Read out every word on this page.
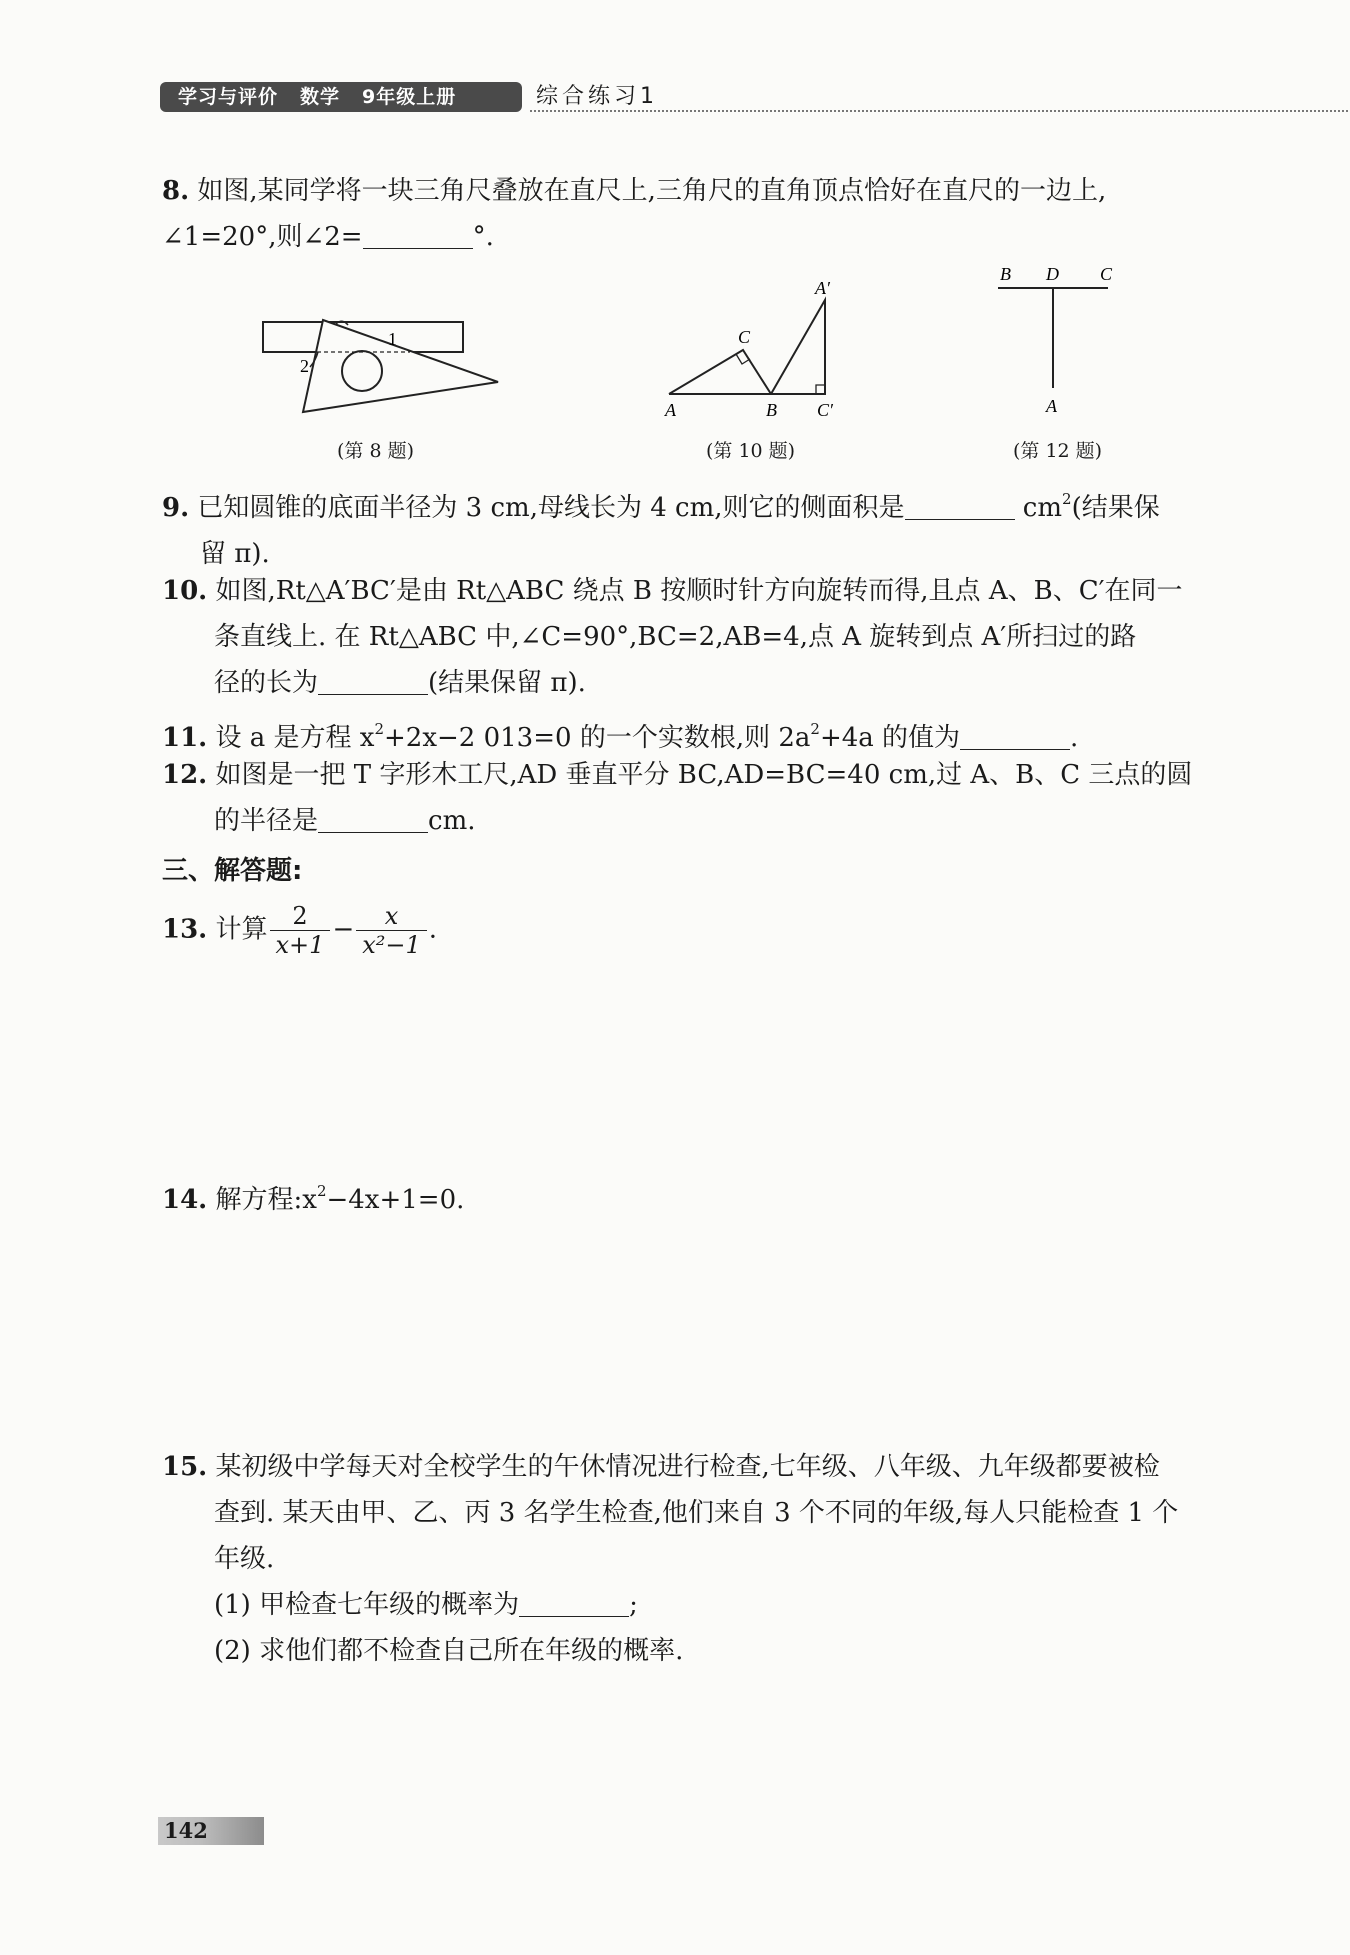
学习与评价 数学 9年级上册	综合练习1
8. 如图,某同学将一块三角尺叠放在直尺上,三角尺的直角顶点恰好在直尺的一边上,
∠1=20°,则∠2=	°.
1
2
(第 8 题)
A	B
C
A′
C′
(第 10 题)
B D C
A
(第 12 题)
9. 已知圆锥的底面半径为 3 cm,母线长为 4 cm,则它的侧面积是	$cm^2$(结果保
留 π).
10. 如图,Rt△A′BC′是由 Rt△ABC 绕点 B 按顺时针方向旋转而得,且点 A、B、C′在同一
条直线上. 在 Rt△ABC 中,∠C=90°,BC=2,AB=4,点 A 旋转到点 A′所扫过的路
径的长为	(结果保留 π).
11. 设 a 是方程 $x^2+2x-2$ 013=0 的一个实数根,则 $2a^2+4a$ 的值为	.
12. 如图是一把 T 字形木工尺,AD 垂直平分 BC,AD=BC=40 cm,过 A、B、C 三点的圆
的半径是	cm.
三、解答题:
13. 计算 $\frac{2}{x+1} - \frac{x}{\text{x²−1}}$ .
14. 解方程$:x^2-4x+1=0$.
15. 某初级中学每天对全校学生的午休情况进行检查,七年级、八年级、九年级都要被检
查到. 某天由甲、乙、丙 3 名学生检查,他们来自 3 个不同的年级,每人只能检查 1 个
年级.
(1) 甲检查七年级的概率为	;
(2) 求他们都不检查自己所在年级的概率.
142
